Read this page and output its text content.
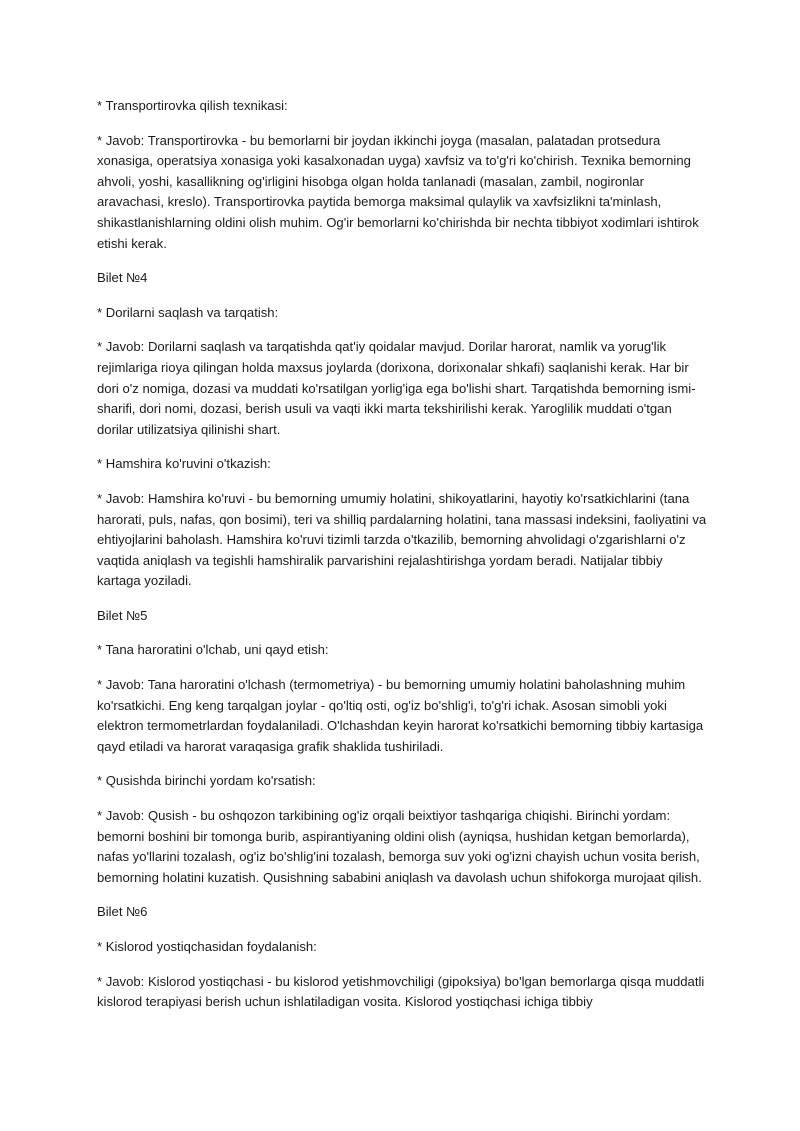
* Transportirovka qilish texnikasi:

* Javob: Transportirovka - bu bemorlarni bir joydan ikkinchi joyga (masalan, palatadan protsedura xonasiga, operatsiya xonasiga yoki kasalxonadan uyga) xavfsiz va to'g'ri ko'chirish. Texnika bemorning ahvoli, yoshi, kasallikning og'irligini hisobga olgan holda tanlanadi (masalan, zambil, nogironlar aravachasi, kreslo). Transportirovka paytida bemorga maksimal qulaylik va xavfsizlikni ta'minlash, shikastlanishlarning oldini olish muhim. Og'ir bemorlarni ko'chirishda bir nechta tibbiyot xodimlari ishtirok etishi kerak.

Bilet №4

* Dorilarni saqlash va tarqatish:

* Javob: Dorilarni saqlash va tarqatishda qat'iy qoidalar mavjud. Dorilar harorat, namlik va yorug'lik rejimlariga rioya qilingan holda maxsus joylarda (dorixona, dorixonalar shkafi) saqlanishi kerak. Har bir dori o'z nomiga, dozasi va muddati ko'rsatilgan yorlig'iga ega bo'lishi shart. Tarqatishda bemorning ismi-sharifi, dori nomi, dozasi, berish usuli va vaqti ikki marta tekshirilishi kerak. Yaroglilik muddati o'tgan dorilar utilizatsiya qilinishi shart.

* Hamshira ko'ruvini o'tkazish:

* Javob: Hamshira ko'ruvi - bu bemorning umumiy holatini, shikoyatlarini, hayotiy ko'rsatkichlarini (tana harorati, puls, nafas, qon bosimi), teri va shilliq pardalarning holatini, tana massasi indeksini, faoliyatini va ehtiyojlarini baholash. Hamshira ko'ruvi tizimli tarzda o'tkazilib, bemorning ahvolidagi o'zgarishlarni o'z vaqtida aniqlash va tegishli hamshiralik parvarishini rejalashtirishga yordam beradi. Natijalar tibbiy kartaga yoziladi.

Bilet №5

* Tana haroratini o'lchab, uni qayd etish:

* Javob: Tana haroratini o'lchash (termometriya) - bu bemorning umumiy holatini baholashning muhim ko'rsatkichi. Eng keng tarqalgan joylar - qo'ltiq osti, og'iz bo'shlig'i, to'g'ri ichak. Asosan simobli yoki elektron termometrlardan foydalaniladi. O'lchashdan keyin harorat ko'rsatkichi bemorning tibbiy kartasiga qayd etiladi va harorat varaqasiga grafik shaklida tushiriladi.

* Qusishda birinchi yordam ko'rsatish:

* Javob: Qusish - bu oshqozon tarkibining og'iz orqali beixtiyor tashqariga chiqishi. Birinchi yordam: bemorni boshini bir tomonga burib, aspirantiyaning oldini olish (ayniqsa, hushidan ketgan bemorlarda), nafas yo'llarini tozalash, og'iz bo'shlig'ini tozalash, bemorga suv yoki og'izni chayish uchun vosita berish, bemorning holatini kuzatish. Qusishning sababini aniqlash va davolash uchun shifokorga murojaat qilish.

Bilet №6

* Kislorod yostiqchasidan foydalanish:

* Javob: Kislorod yostiqchasi - bu kislorod yetishmovchiligi (gipoksiya) bo'lgan bemorlarga qisqa muddatli kislorod terapiyasi berish uchun ishlatiladigan vosita. Kislorod yostiqchasi ichiga tibbiy
